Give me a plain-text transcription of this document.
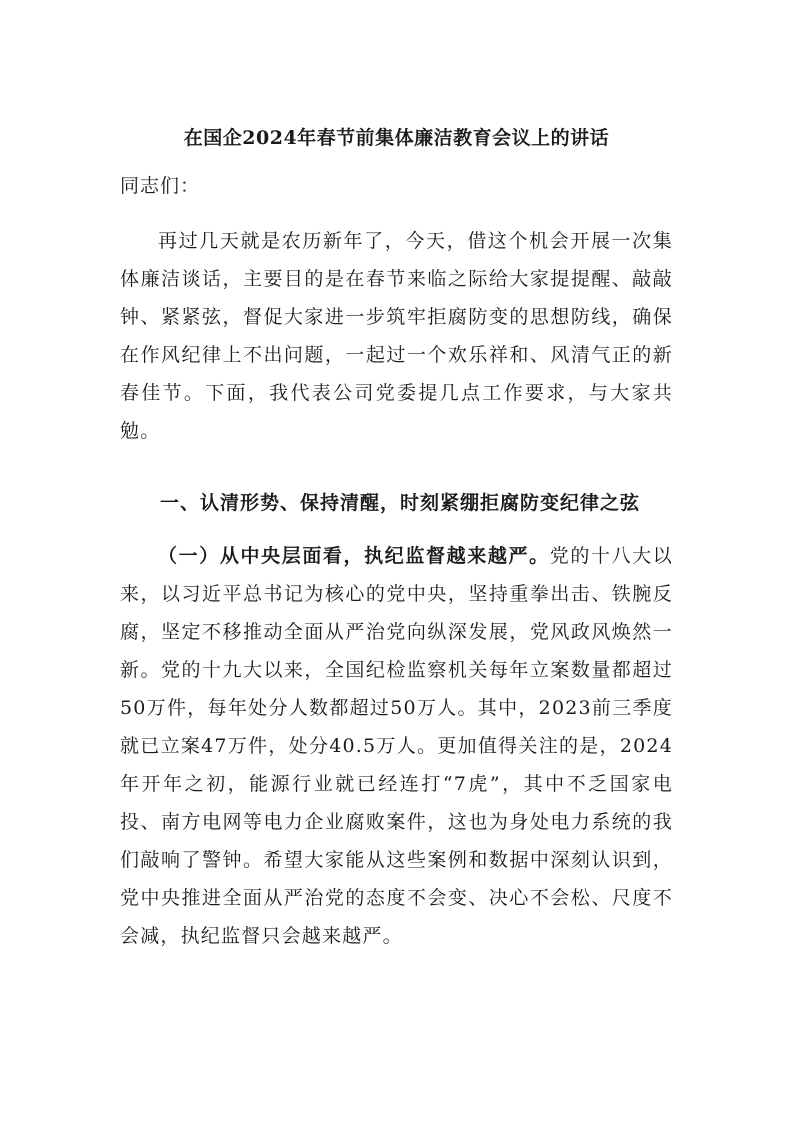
在国企2024年春节前集体廉洁教育会议上的讲话
同志们：

再过几天就是农历新年了，今天，借这个机会开展一次集体廉洁谈话，主要目的是在春节来临之际给大家提提醒、敲敲钟、紧紧弦，督促大家进一步筑牢拒腐防变的思想防线，确保在作风纪律上不出问题，一起过一个欢乐祥和、风清气正的新春佳节。下面，我代表公司党委提几点工作要求，与大家共勉。

一、认清形势、保持清醒，时刻紧绷拒腐防变纪律之弦

（一）从中央层面看，执纪监督越来越严。党的十八大以来，以习近平总书记为核心的党中央，坚持重拳出击、铁腕反腐，坚定不移推动全面从严治党向纵深发展，党风政风焕然一新。党的十九大以来，全国纪检监察机关每年立案数量都超过50万件，每年处分人数都超过50万人。其中，2023前三季度就已立案47万件，处分40.5万人。更加值得关注的是，2024年开年之初，能源行业就已经连打“7虎”，其中不乏国家电投、南方电网等电力企业腐败案件，这也为身处电力系统的我们敲响了警钟。希望大家能从这些案例和数据中深刻认识到，党中央推进全面从严治党的态度不会变、决心不会松、尺度不会减，执纪监督只会越来越严。
